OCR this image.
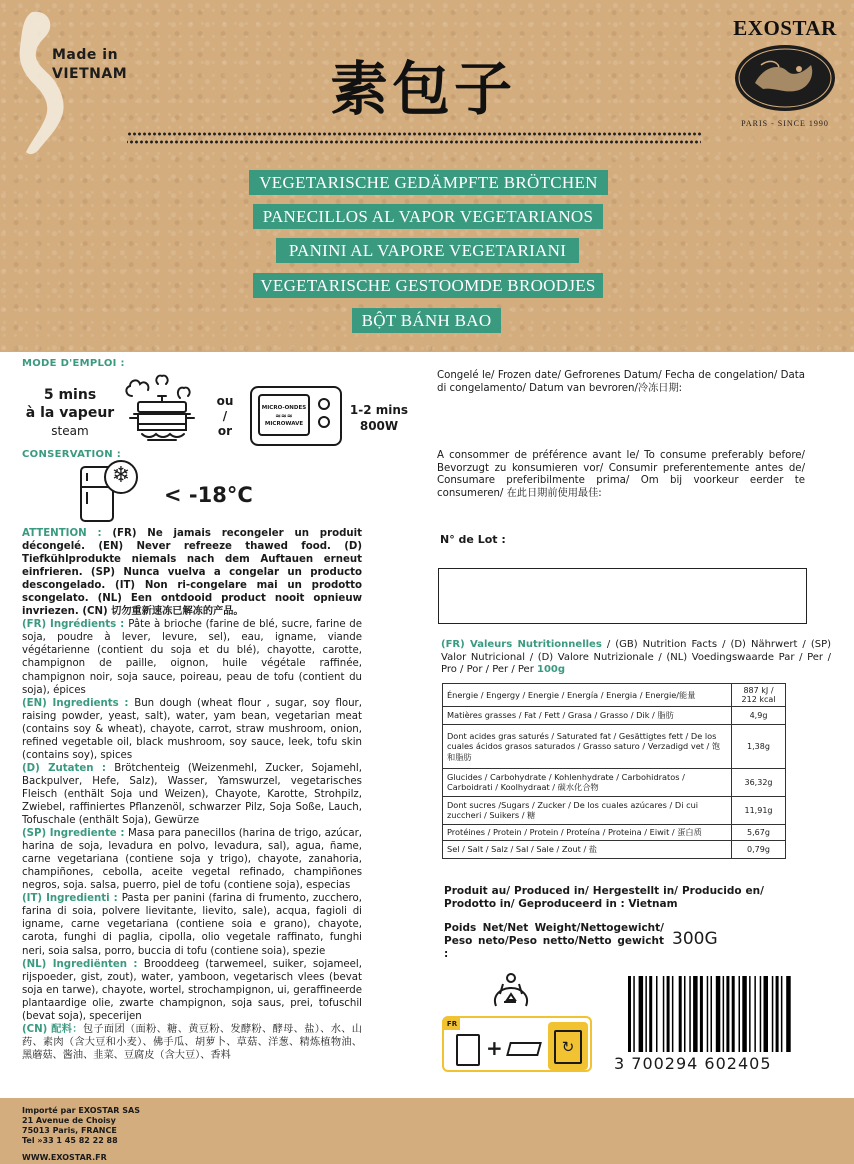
Made in
VIETNAM	素包子
EXOSTAR
PARIS - SINCE 1990
VEGETARISCHE GEDÄMPFTE BRÖTCHEN
PANECILLOS AL VAPOR VEGETARIANOS
PANINI AL VAPORE VEGETARIANI
VEGETARISCHE GESTOOMDE BROODJES
BỘT BÁNH BAO
MODE D'EMPLOI :
5 mins
à la vapeur
steam
ou
/
or
MICRO-ONDES
≈≈≈
MICROWAVE
1-2 mins
800W
CONSERVATION :
❄
< -18°C
ATTENTION : (FR) Ne jamais recongeler un produit décongelé. (EN) Never refreeze thawed food. (D) Tiefkühlprodukte niemals nach dem Auftauen erneut einfrieren. (SP) Nunca vuelva a congelar un producto descongelado. (IT) Non ri-congelare mai un prodotto scongelato. (NL) Een ontdooid product nooit opnieuw invriezen. (CN) 切勿重新速冻已解冻的产品。
(FR) Ingrédients : Pâte à brioche (farine de blé, sucre, farine de soja, poudre à lever, levure, sel), eau, igname, viande végétarienne (contient du soja et du blé), chayotte, carotte, champignon de paille, oignon, huile végétale raffinée, champignon noir, soja sauce, poireau, peau de tofu (contient du soja), épices
(EN) Ingredients : Bun dough (wheat flour , sugar, soy flour, raising powder, yeast, salt), water, yam bean, vegetarian meat (contains soy & wheat), chayote, carrot, straw mushroom, onion, refined vegetable oil, black mushroom, soy sauce, leek, tofu skin (contains soy), spices
(D) Zutaten : Brötchenteig (Weizenmehl, Zucker, Sojamehl, Backpulver, Hefe, Salz), Wasser, Yamswurzel, vegetarisches Fleisch (enthält Soja und Weizen), Chayote, Karotte, Strohpilz, Zwiebel, raffiniertes Pflanzenöl, schwarzer Pilz, Soja Soße, Lauch, Tofuschale (enthält Soja), Gewürze
(SP) Ingrediente : Masa para panecillos (harina de trigo, azúcar, harina de soja, levadura en polvo, levadura, sal), agua, ñame, carne vegetariana (contiene soja y trigo), chayote, zanahoria, champiñones, cebolla, aceite vegetal refinado, champiñones negros, soja. salsa, puerro, piel de tofu (contiene soja), especias
(IT) Ingredienti : Pasta per panini (farina di frumento, zucchero, farina di soia, polvere lievitante, lievito, sale), acqua, fagioli di igname, carne vegetariana (contiene soia e grano), chayote, carota, funghi di paglia, cipolla, olio vegetale raffinato, funghi neri, soia salsa, porro, buccia di tofu (contiene soia), spezie
(NL) Ingrediënten : Brooddeeg (tarwemeel, suiker, sojameel, rijspoeder, gist, zout), water, yamboon, vegetarisch vlees (bevat soja en tarwe), chayote, wortel, strochampignon, ui, geraffineerde plantaardige olie, zwarte champignon, soja saus, prei, tofuschil (bevat soja), specerijen
(CN) 配料：包子面团（面粉、糖、黄豆粉、发酵粉、酵母、盐）、水、山药、素肉（含大豆和小麦）、佛手瓜、胡萝卜、草菇、洋葱、精炼植物油、黑蘑菇、酱油、韭菜、豆腐皮（含大豆）、香料
Importé par EXOSTAR SAS
21 Avenue de Choisy
75013 Paris, FRANCE
Tel »33 1 45 82 22 88
WWW.EXOSTAR.FR
Congelé le/ Frozen date/ Gefrorenes Datum/ Fecha de congelation/ Data di congelamento/ Datum van bevroren/冷冻日期:
A consommer de préférence avant le/ To consume preferably before/ Bevorzugt zu konsumieren vor/ Consumir preferentemente antes de/ Consumare preferibilmente prima/ Om bij voorkeur eerder te consumeren/ 在此日期前使用最佳:
N° de Lot :
(FR) Valeurs Nutritionnelles / (GB) Nutrition Facts / (D) Nährwert / (SP) Valor Nutricional / (D) Valore Nutrizionale / (NL) Voedingswaarde Par / Per / Pro / Por / Per / Per 100g
Énergie / Engergy / Energie / Energía / Energia / Energie/能量	887 kJ / 212 kcal
Matières grasses / Fat / Fett / Grasa / Grasso / Dik / 脂肪	4,9g
Dont acides gras saturés / Saturated fat / Gesättigtes fett / De los cuales ácidos grasos saturados / Grasso saturo / Verzadigd vet / 饱和脂肪	1,38g
Glucides / Carbohydrate / Kohlenhydrate / Carbohidratos / Carboidrati / Koolhydraat / 碳水化合物	36,32g
Dont sucres /Sugars / Zucker / De los cuales azúcares / Di cui zuccheri / Suikers / 糖	11,91g
Protéines / Protein / Protein / Proteína / Proteina / Eiwit / 蛋白质	5,67g
Sel / Salt / Salz / Sal / Sale / Zout / 盐	0,79g
Produit au/ Produced in/ Hergestellt in/ Producido en/ Prodotto in/ Geproduceerd in : Vietnam
Poids Net/Net Weight/Nettogewicht/ Peso neto/Peso netto/Netto gewicht :
300G
FR
+	↻
3 700294 602405
